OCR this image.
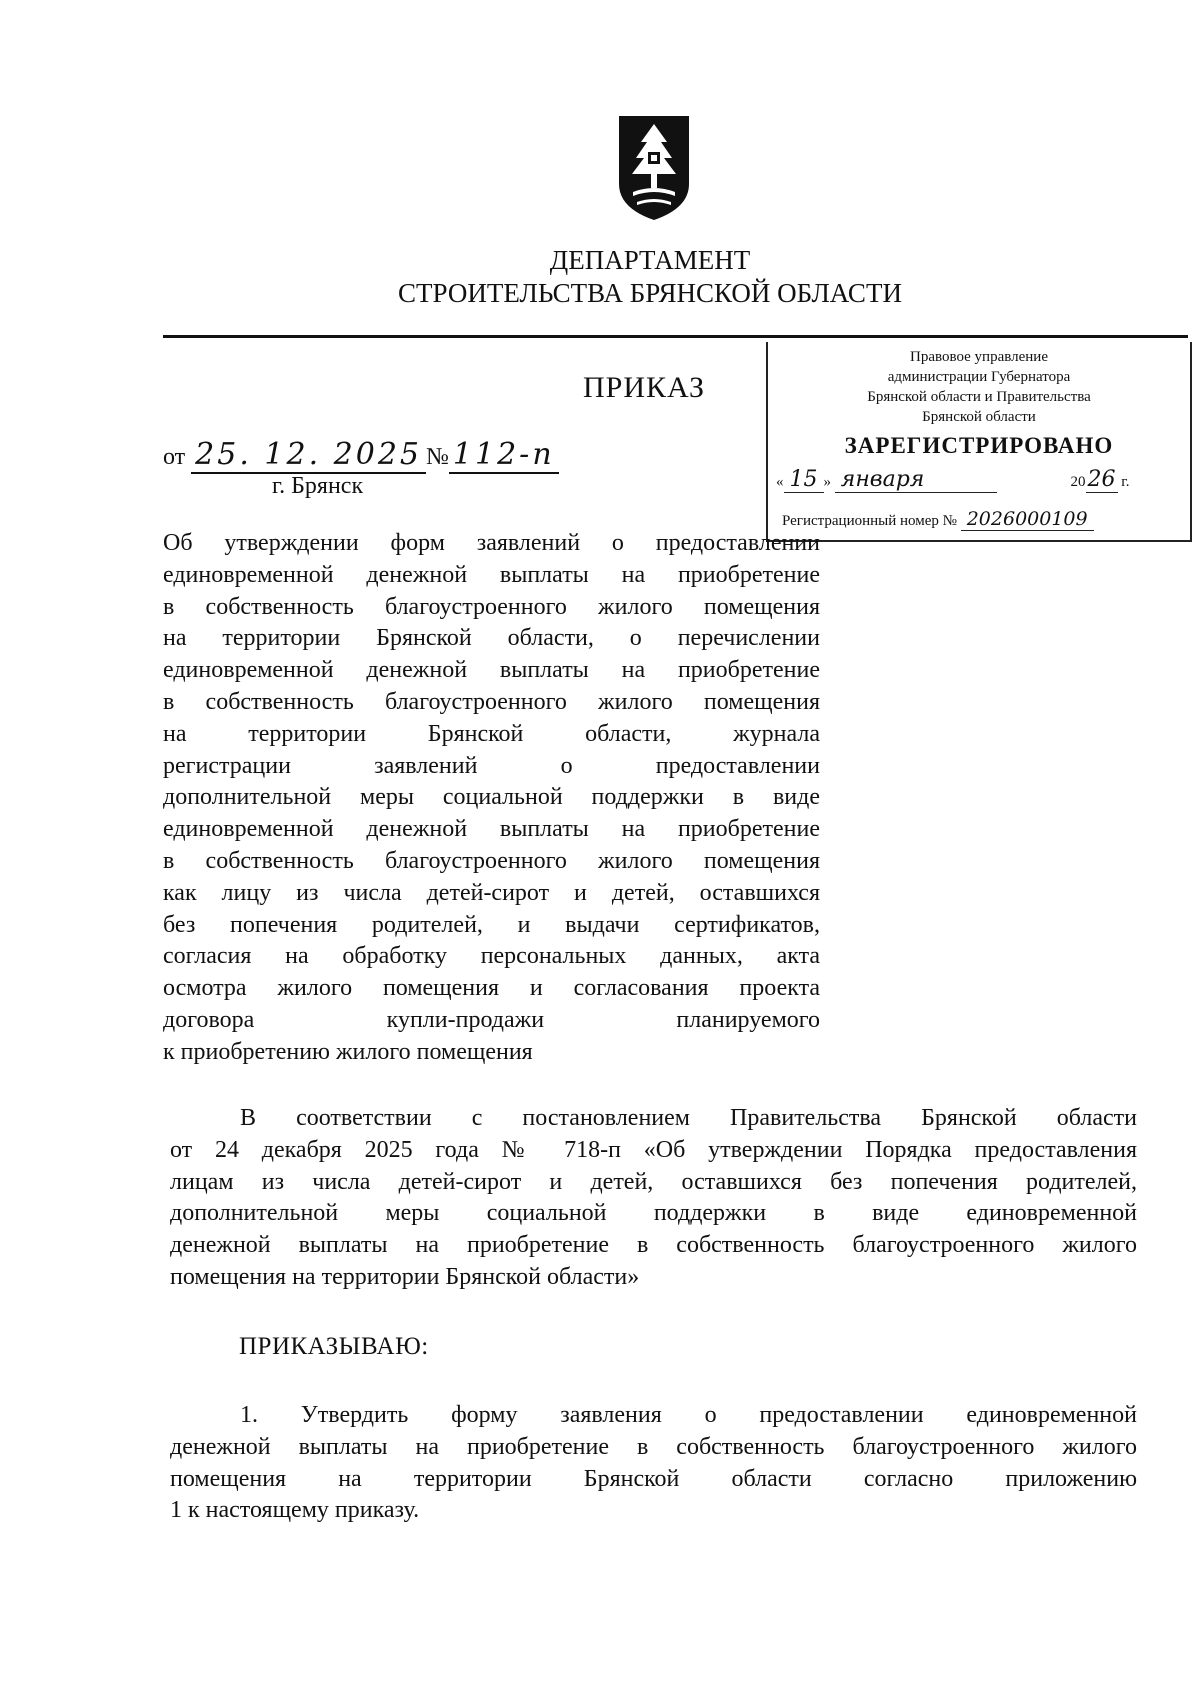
ДЕПАРТАМЕНТ
СТРОИТЕЛЬСТВА БРЯНСКОЙ ОБЛАСТИ
ПРИКАЗ
от 25. 12. 2025 № 112-п
г. Брянск
Правовое управление
администрации Губернатора
Брянской области и Правительства
Брянской области
ЗАРЕГИСТРИРОВАНО
« 15 » января	2026 г.
Регистрационный номер № 2026000109
Об утверждении форм заявлений о предоставлении
единовременной денежной выплаты на приобретение
в собственность благоустроенного жилого помещения
на территории Брянской области, о перечислении
единовременной денежной выплаты на приобретение
в собственность благоустроенного жилого помещения
на территории Брянской области, журнала
регистрации заявлений о предоставлении
дополнительной меры социальной поддержки в виде
единовременной денежной выплаты на приобретение
в собственность благоустроенного жилого помещения
как лицу из числа детей-сирот и детей, оставшихся
без попечения родителей, и выдачи сертификатов,
согласия на обработку персональных данных, акта
осмотра жилого помещения и согласования проекта
договора купли-продажи планируемого
к приобретению жилого помещения
В соответствии с постановлением Правительства Брянской области
от 24 декабря 2025 года № 718-п «Об утверждении Порядка предоставления
лицам из числа детей-сирот и детей, оставшихся без попечения родителей,
дополнительной меры социальной поддержки в виде единовременной
денежной выплаты на приобретение в собственность благоустроенного жилого
помещения на территории Брянской области»
ПРИКАЗЫВАЮ:
1. Утвердить форму заявления о предоставлении единовременной
денежной выплаты на приобретение в собственность благоустроенного жилого
помещения на территории Брянской области согласно приложению
1 к настоящему приказу.
